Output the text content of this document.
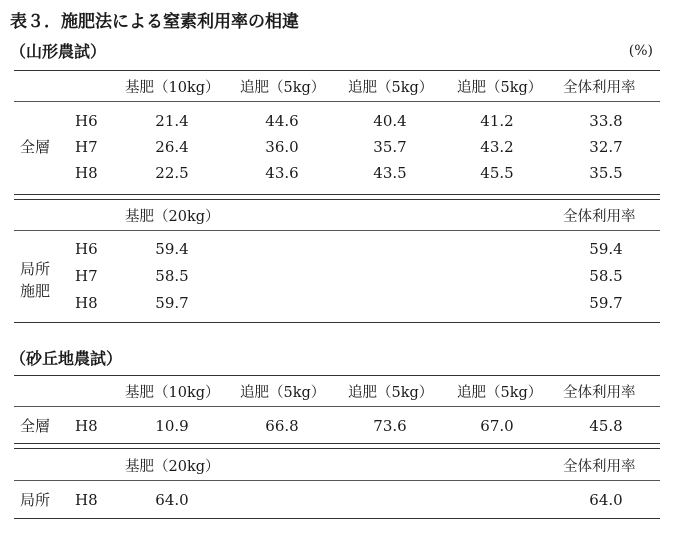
表３．施肥法による窒素利用率の相違
（山形農試）	(%)
基肥（10kg） 追肥（5kg） 追肥（5kg） 追肥（5kg） 全体利用率
全層
H6	21.4	44.6	40.4	41.2	33.8
H7	26.4	36.0	35.7	43.2	32.7
H8	22.5	43.6	43.5	45.5	35.5
基肥（20kg）	全体利用率
局所
施肥
H6	59.4	59.4
H7	58.5	58.5
H8	59.7	59.7
（砂丘地農試）
基肥（10kg） 追肥（5kg） 追肥（5kg） 追肥（5kg） 全体利用率
全層 H8	10.9	66.8	73.6	67.0	45.8
基肥（20kg）	全体利用率
局所 H8	64.0	64.0
